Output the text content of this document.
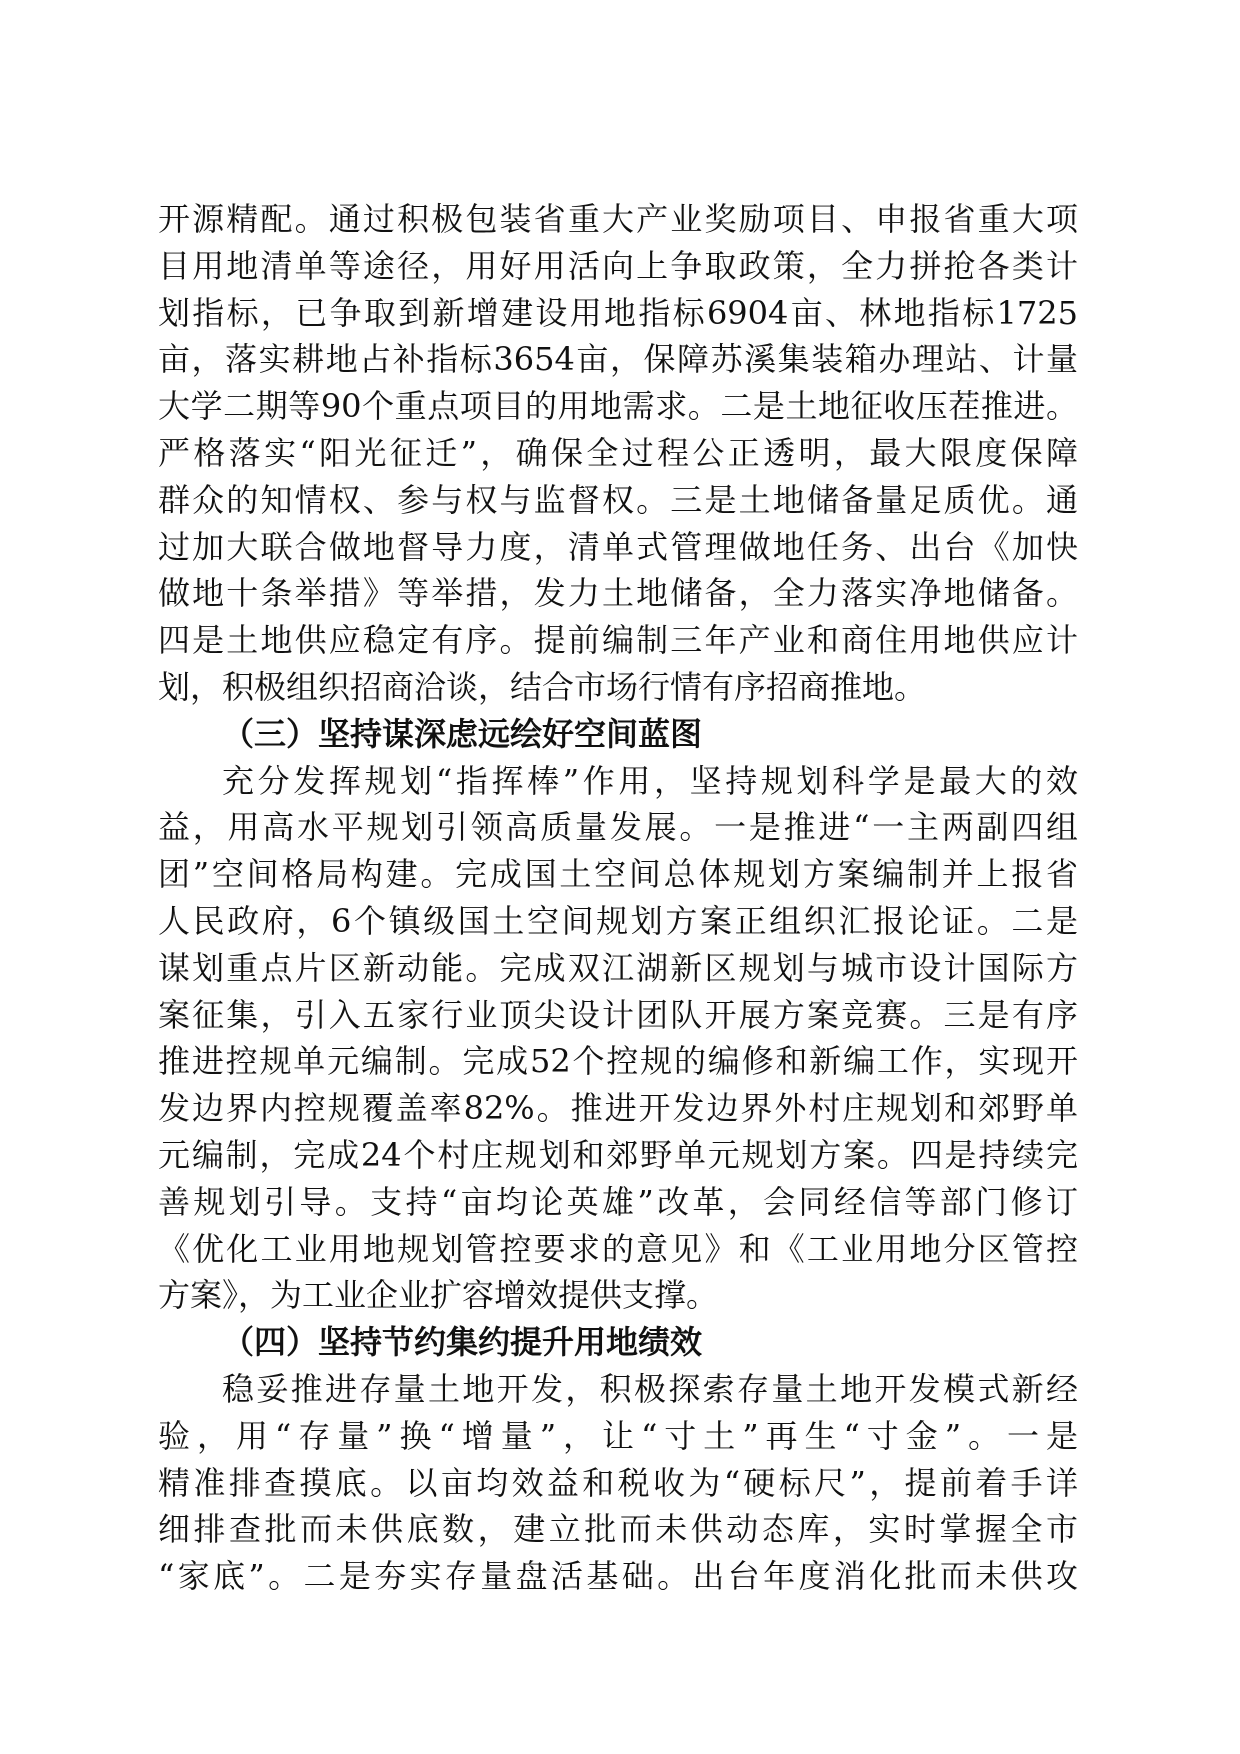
开源精配。通过积极包装省重大产业奖励项目、申报省重大项
目用地清单等途径，用好用活向上争取政策，全力拼抢各类计
划指标，已争取到新增建设用地指标6904亩、林地指标1725
亩，落实耕地占补指标3654亩，保障苏溪集装箱办理站、计量
大学二期等90个重点项目的用地需求。二是土地征收压茬推进。
严格落实“阳光征迁”，确保全过程公正透明，最大限度保障
群众的知情权、参与权与监督权。三是土地储备量足质优。通
过加大联合做地督导力度，清单式管理做地任务、出台《加快
做地十条举措》等举措，发力土地储备，全力落实净地储备。
四是土地供应稳定有序。提前编制三年产业和商住用地供应计
划，积极组织招商洽谈，结合市场行情有序招商推地。
（三）坚持谋深虑远绘好空间蓝图
充分发挥规划“指挥棒”作用，坚持规划科学是最大的效
益，用高水平规划引领高质量发展。一是推进“一主两副四组
团”空间格局构建。完成国土空间总体规划方案编制并上报省
人民政府，6个镇级国土空间规划方案正组织汇报论证。二是
谋划重点片区新动能。完成双江湖新区规划与城市设计国际方
案征集，引入五家行业顶尖设计团队开展方案竞赛。三是有序
推进控规单元编制。完成52个控规的编修和新编工作，实现开
发边界内控规覆盖率82%。推进开发边界外村庄规划和郊野单
元编制，完成24个村庄规划和郊野单元规划方案。四是持续完
善规划引导。支持“亩均论英雄”改革，会同经信等部门修订
《优化工业用地规划管控要求的意见》和《工业用地分区管控
方案》，为工业企业扩容增效提供支撑。
（四）坚持节约集约提升用地绩效
稳妥推进存量土地开发，积极探索存量土地开发模式新经
验，用“存量”换“增量”，让“寸土”再生“寸金”。一是
精准排查摸底。以亩均效益和税收为“硬标尺”，提前着手详
细排查批而未供底数，建立批而未供动态库，实时掌握全市
“家底”。二是夯实存量盘活基础。出台年度消化批而未供攻
